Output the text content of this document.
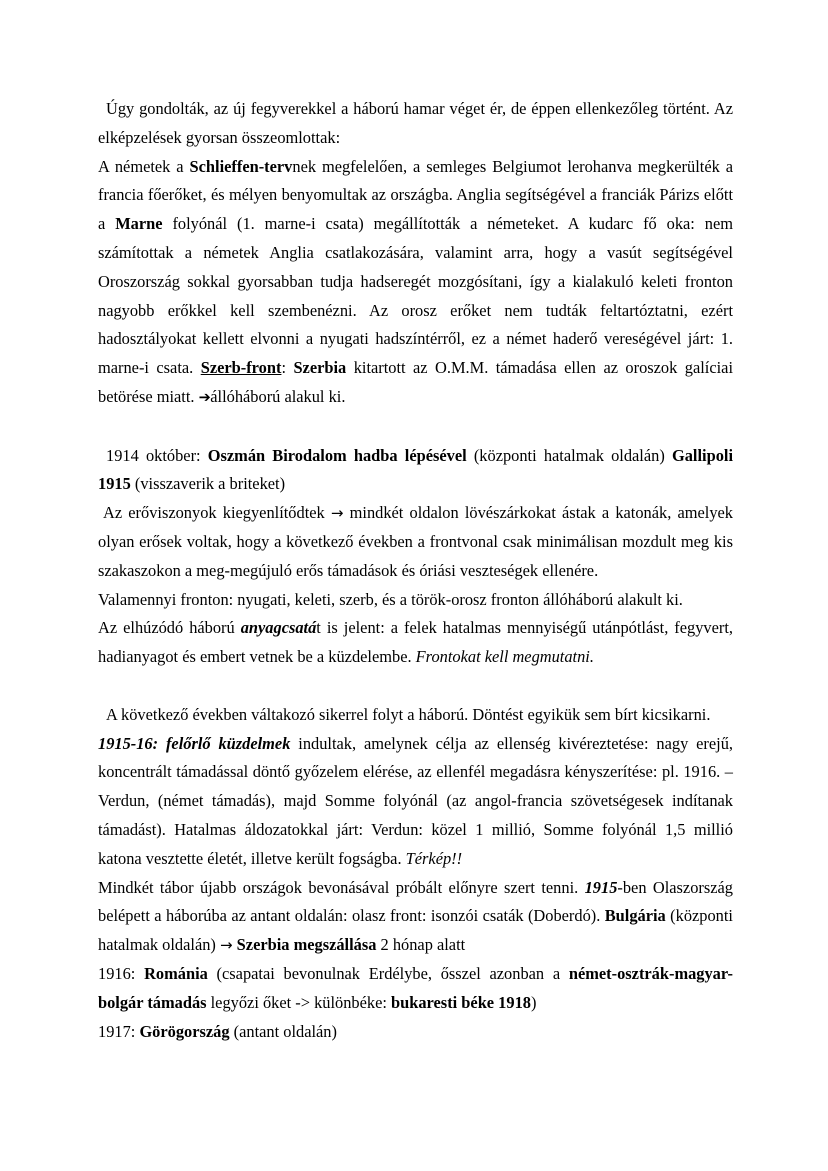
Úgy gondolták, az új fegyverekkel a háború hamar véget ér, de éppen ellenkezőleg történt. Az elképzelések gyorsan összeomlottak:

A németek a Schlieffen-tervnek megfelelően, a semleges Belgiumot lerohanva megkerülték a francia főerőket, és mélyen benyomultak az országba. Anglia segítségével a franciák Párizs előtt a Marne folyónál (1. marne-i csata) megállították a németeket. A kudarc fő oka: nem számítottak a németek Anglia csatlakozására, valamint arra, hogy a vasút segítségével Oroszország sokkal gyorsabban tudja hadseregét mozgósítani, így a kialakuló keleti fronton nagyobb erőkkel kell szembenézni. Az orosz erőket nem tudták feltartóztatni, ezért hadosztályokat kellett elvonni a nyugati hadszíntérről, ez a német haderő vereségével járt: 1. marne-i csata. Szerb-front: Szerbia kitartott az O.M.M. támadása ellen az oroszok galíciai betörése miatt. ➔állóháború alakul ki.

1914 október: Oszmán Birodalom hadba lépésével (központi hatalmak oldalán) Gallipoli 1915 (visszaverik a briteket)

Az erőviszonyok kiegyenlítődtek → mindkét oldalon lövészárkokat ástak a katonák, amelyek olyan erősek voltak, hogy a következő években a frontvonal csak minimálisan mozdult meg kis szakaszokon a meg-megújuló erős támadások és óriási veszteségek ellenére.

Valamennyi fronton: nyugati, keleti, szerb, és a török-orosz fronton állóháború alakult ki.

Az elhúzódó háború anyagcsatát is jelent: a felek hatalmas mennyiségű utánpótlást, fegyvert, hadianyagot és embert vetnek be a küzdelembe. Frontokat kell megmutatni.

A következő években váltakozó sikerrel folyt a háború. Döntést egyikük sem bírt kicsikarni.

1915-16: felőrlő küzdelmek indultak, amelynek célja az ellenség kivéreztetése: nagy erejű, koncentrált támadással döntő győzelem elérése, az ellenfél megadásra kényszerítése: pl. 1916. – Verdun, (német támadás), majd Somme folyónál (az angol-francia szövetségesek indítanak támadást). Hatalmas áldozatokkal járt: Verdun: közel 1 millió, Somme folyónál 1,5 millió katona vesztette életét, illetve került fogságba. Térkép!!

Mindkét tábor újabb országok bevonásával próbált előnyre szert tenni. 1915-ben Olaszország belépett a háborúba az antant oldalán: olasz front: isonzói csaták (Doberdó). Bulgária (központi hatalmak oldalán) → Szerbia megszállása 2 hónap alatt

1916: Románia (csapatai bevonulnak Erdélybe, ősszel azonban a német-osztrák-magyar-bolgár támadás legyőzi őket -> különbéke: bukaresti béke 1918)

1917: Görögország (antant oldalán)
